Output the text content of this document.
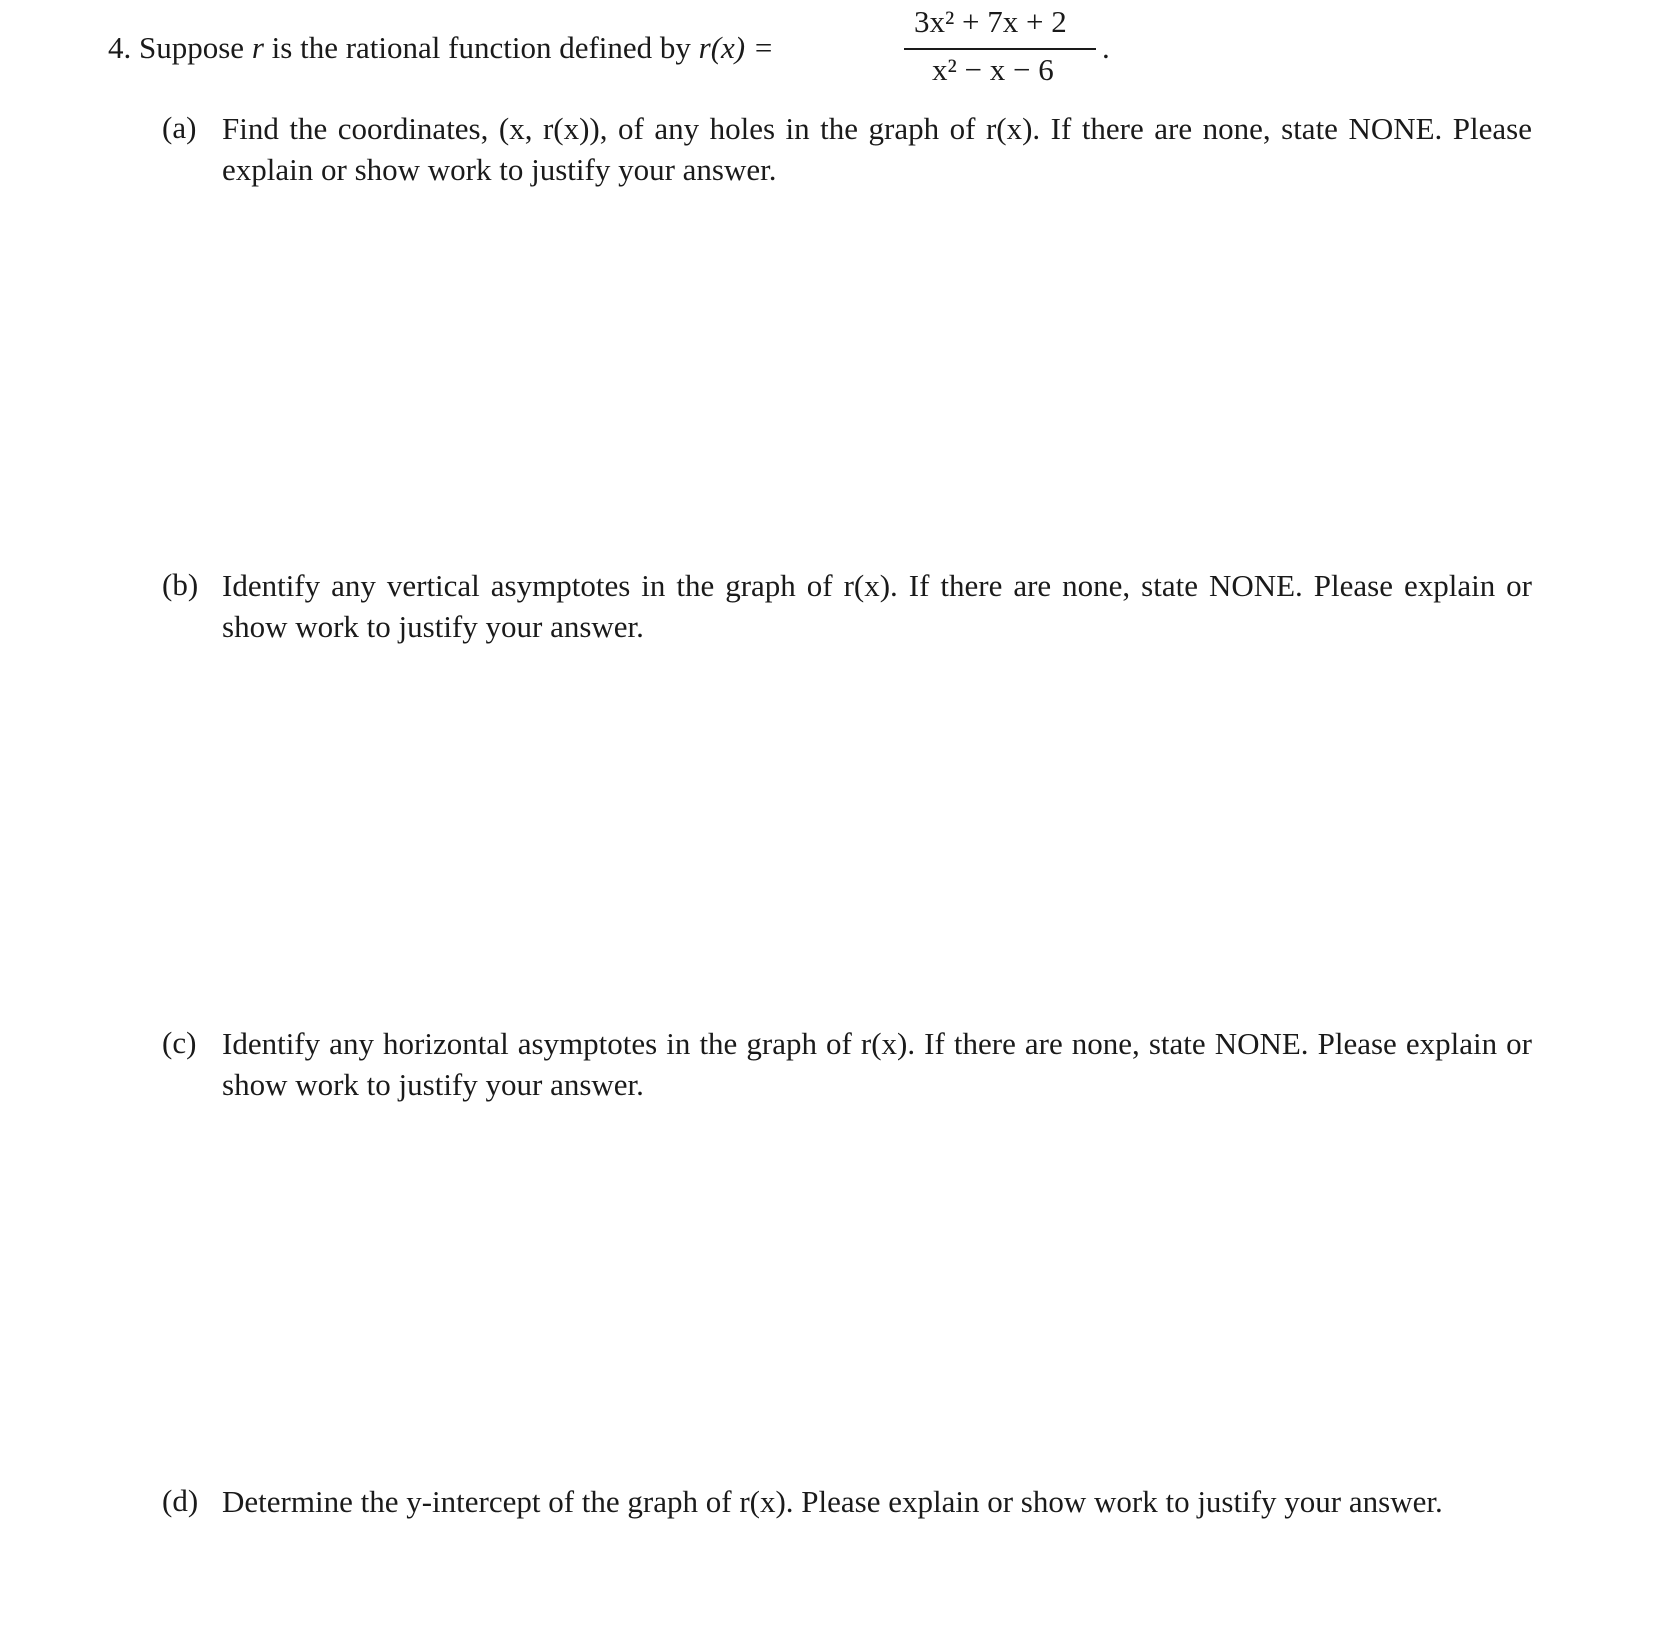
4. Suppose r is the rational function defined by r(x) =
3x² + 7x + 2
x² − x − 6
.
(a) Find the coordinates, (x, r(x)), of any holes in the graph of r(x). If there are none, state NONE. Please explain or show work to justify your answer.
(b) Identify any vertical asymptotes in the graph of r(x). If there are none, state NONE. Please explain or show work to justify your answer.
(c) Identify any horizontal asymptotes in the graph of r(x). If there are none, state NONE. Please explain or show work to justify your answer.
(d) Determine the y-intercept of the graph of r(x). Please explain or show work to justify your answer.
